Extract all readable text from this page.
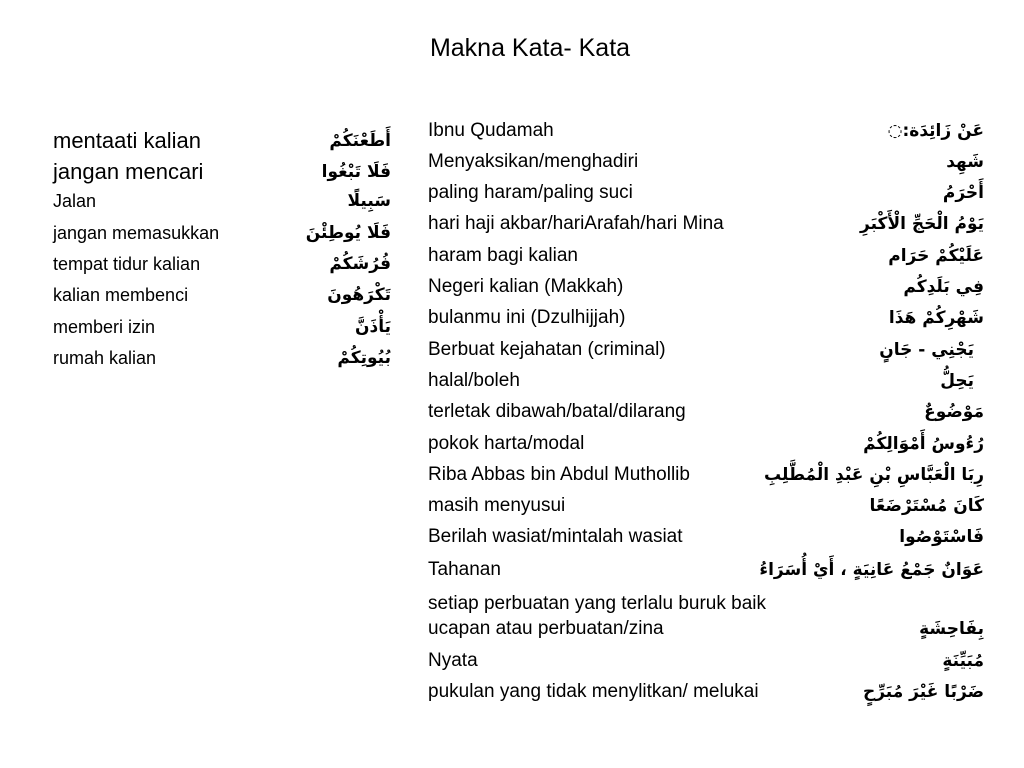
Makna Kata- Kata
mentaati kalian	أَطَعْنَكُمْ
jangan mencari	فَلَا تَبْغُوا
Jalan	سَبِيلًا
jangan memasukkan	فَلَا يُوطِئْنَ
tempat tidur kalian	فُرُشَكُمْ
kalian membenci	تَكْرَهُونَ
memberi izin	يَأْذَنَّ
rumah kalian	بُيُوتِكُمْ
Ibnu Qudamah	عَنْ زَائِدَة:◌
Menyaksikan/menghadiri	شَهِد
paling haram/paling suci	أَحْرَمُ
hari haji akbar/hariArafah/hari Mina	يَوْمُ الْحَجِّ الْأَكْبَرِ
haram bagi kalian	عَلَيْكُمْ حَرَام
Negeri kalian (Makkah)	فِي بَلَدِكُم
bulanmu ini (Dzulhijjah)	شَهْرِكُمْ هَذَا
Berbuat kejahatan (criminal)	يَجْنِي - جَانٍ
halal/boleh	يَحِلُّ
terletak dibawah/batal/dilarang	مَوْضُوعٌ
pokok harta/modal	رُءُوسُ أَمْوَالِكُمْ
Riba Abbas bin Abdul Muthollib	رِبَا الْعَبَّاسِ بْنِ عَبْدِ الْمُطَّلِبِ
masih menyusui	كَانَ مُسْتَرْضَعًا
Berilah wasiat/mintalah wasiat	فَاسْتَوْصُوا
Tahanan	عَوَانٌ جَمْعُ عَانِيَةٍ ، أَيْ أُسَرَاءُ
setiap perbuatan yang terlalu buruk baik
ucapan atau perbuatan/zina	بِفَاحِشَةٍ
Nyata	مُبَيِّنَةٍ
pukulan yang tidak menylitkan/ melukai	ضَرْبًا غَيْرَ مُبَرِّحٍ
